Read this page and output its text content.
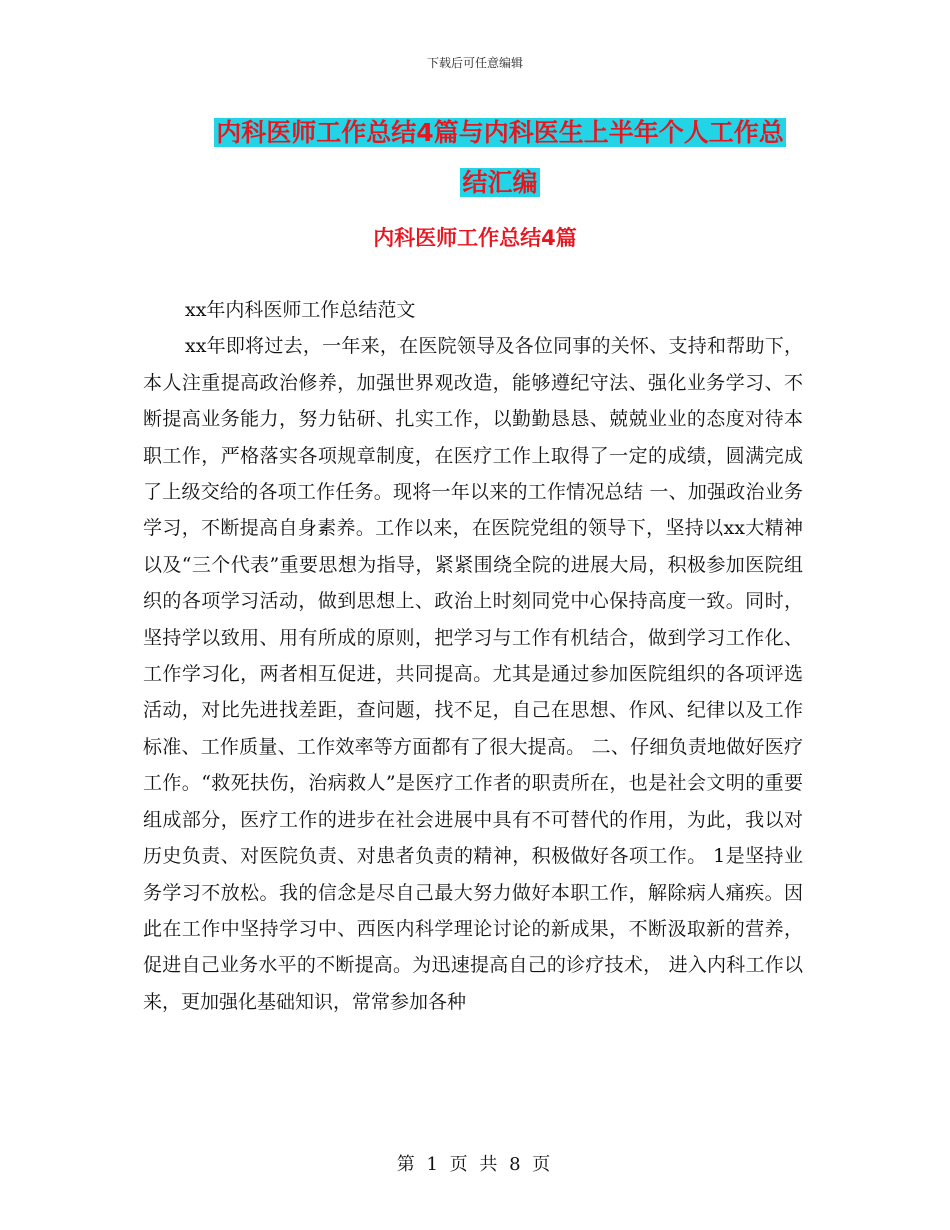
下载后可任意编辑
内科医师工作总结4篇与内科医生上半年个人工作总
结汇编
内科医师工作总结4篇

xx年内科医师工作总结范文

xx年即将过去，一年来，在医院领导及各位同事的关怀、支持和帮助下，本人注重提高政治修养，加强世界观改造，能够遵纪守法、强化业务学习、不断提高业务能力，努力钻研、扎实工作，以勤勤恳恳、兢兢业业的态度对待本职工作，严格落实各项规章制度，在医疗工作上取得了一定的成绩，圆满完成了上级交给的各项工作任务。现将一年以来的工作情况总结 一、加强政治业务学习，不断提高自身素养。工作以来，在医院党组的领导下，坚持以xx大精神以及“三个代表”重要思想为指导，紧紧围绕全院的进展大局，积极参加医院组织的各项学习活动，做到思想上、政治上时刻同党中心保持高度一致。同时，坚持学以致用、用有所成的原则，把学习与工作有机结合，做到学习工作化、工作学习化，两者相互促进，共同提高。尤其是通过参加医院组织的各项评选活动，对比先进找差距，查问题，找不足，自己在思想、作风、纪律以及工作标准、工作质量、工作效率等方面都有了很大提高。 二、仔细负责地做好医疗工作。“救死扶伤，治病救人”是医疗工作者的职责所在，也是社会文明的重要组成部分，医疗工作的进步在社会进展中具有不可替代的作用，为此，我以对历史负责、对医院负责、对患者负责的精神，积极做好各项工作。 1是坚持业务学习不放松。我的信念是尽自己最大努力做好本职工作，解除病人痛疾。因此在工作中坚持学习中、西医内科学理论讨论的新成果，不断汲取新的营养，促进自己业务水平的不断提高。为迅速提高自己的诊疗技术， 进入内科工作以来，更加强化基础知识，常常参加各种

第 1 页 共 8 页
